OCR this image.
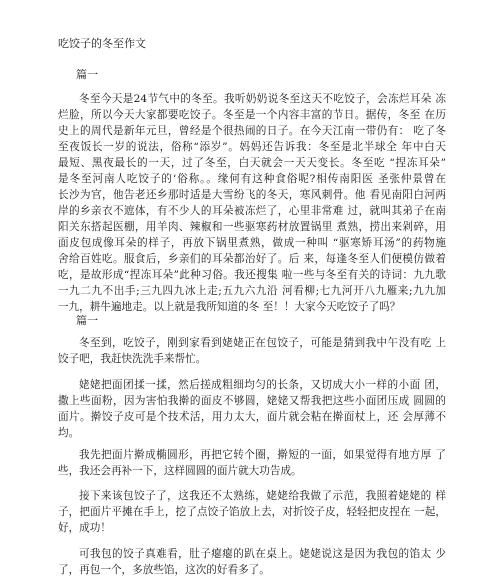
吃饺子的冬至作文
篇一
冬至今天是24节气中的冬至。我听奶奶说冬至这天不吃饺子，会冻烂耳朵 冻
烂脸，所以今天大家都要吃饺子。冬至是一个内容丰富的节日。据传，冬至 在历
史上的周代是新年元旦，曾经是个很热闹的日子。在今天江南一带仍有： 吃了冬
至夜饭长一岁的说法，俗称“添岁”。妈妈还告诉我：冬至是北半球全 年中白天
最短、黑夜最长的一天，过了冬至，白天就会一天天变长。冬至吃 “捏冻耳朵”
是冬至河南人吃饺子的‘俗称。。缘何有这种食俗呢?相传南阳医 圣张仲景曾在
长沙为官，他告老还乡那时适是大雪纷飞的冬天，寒风刺骨。他 看见南阳白河两
岸的乡亲衣不遮体，有不少人的耳朵被冻烂了，心里非常难 过，就叫其弟子在南
阳关东搭起医棚，用羊肉、辣椒和一些驱寒药材放置锅里 煮熟，捞出来剁碎，用
面皮包成像耳朵的样子，再放下锅里煮熟，做成一种叫 “驱寒矫耳汤”的药物施
舍给百姓吃。服食后，乡亲们的耳朵都治好了。后 来，每逢冬至人们便模仿做着
吃，是故形成“捏冻耳朵”此种习俗。我还搜集 啦一些与冬至有关的诗词：九九歌
一九二九不出手;三九四九冰上走;五九六九沿 河看柳;七九河开八九雁来;九九加
一九，耕牛遍地走。以上就是我所知道的冬 至！！大家今天吃饺子了吗？
篇一
冬至到，吃饺子，刚到家看到姥姥正在包饺子，可能是猜到我中午没有吃 上
饺子吧，我赶快洗洗手来帮忙。
姥姥把面团揉一揉，然后搓成粗细均匀的长条，又切成大小一样的小面 团，
撒上些面粉，因为害怕我擀的面皮不够圆，姥姥又帮我把这些小面团压成 圆圆的
面片。擀饺子皮可是个技术活，用力太大，面片就会粘在擀面杖上，还 会厚薄不
均。
我先把面片擀成椭圆形，再把它转个圈，擀短的一面，如果觉得有地方厚 了
些，我还会再补一下，这样圆圆的面片就大功告成。
接下来该包饺子了，这我还不太熟练，姥姥给我做了示范，我照着姥姥的 样
子，把面片平摊在手上，挖了点饺子馅放上去，对折饺子皮，轻轻把皮捏在 一起，
好，成功！
可我包的饺子真难看，肚子瘪瘪的趴在桌上。姥姥说这是因为我包的馅太 少
了，再包一个，多放些馅，这次的好看多了。
